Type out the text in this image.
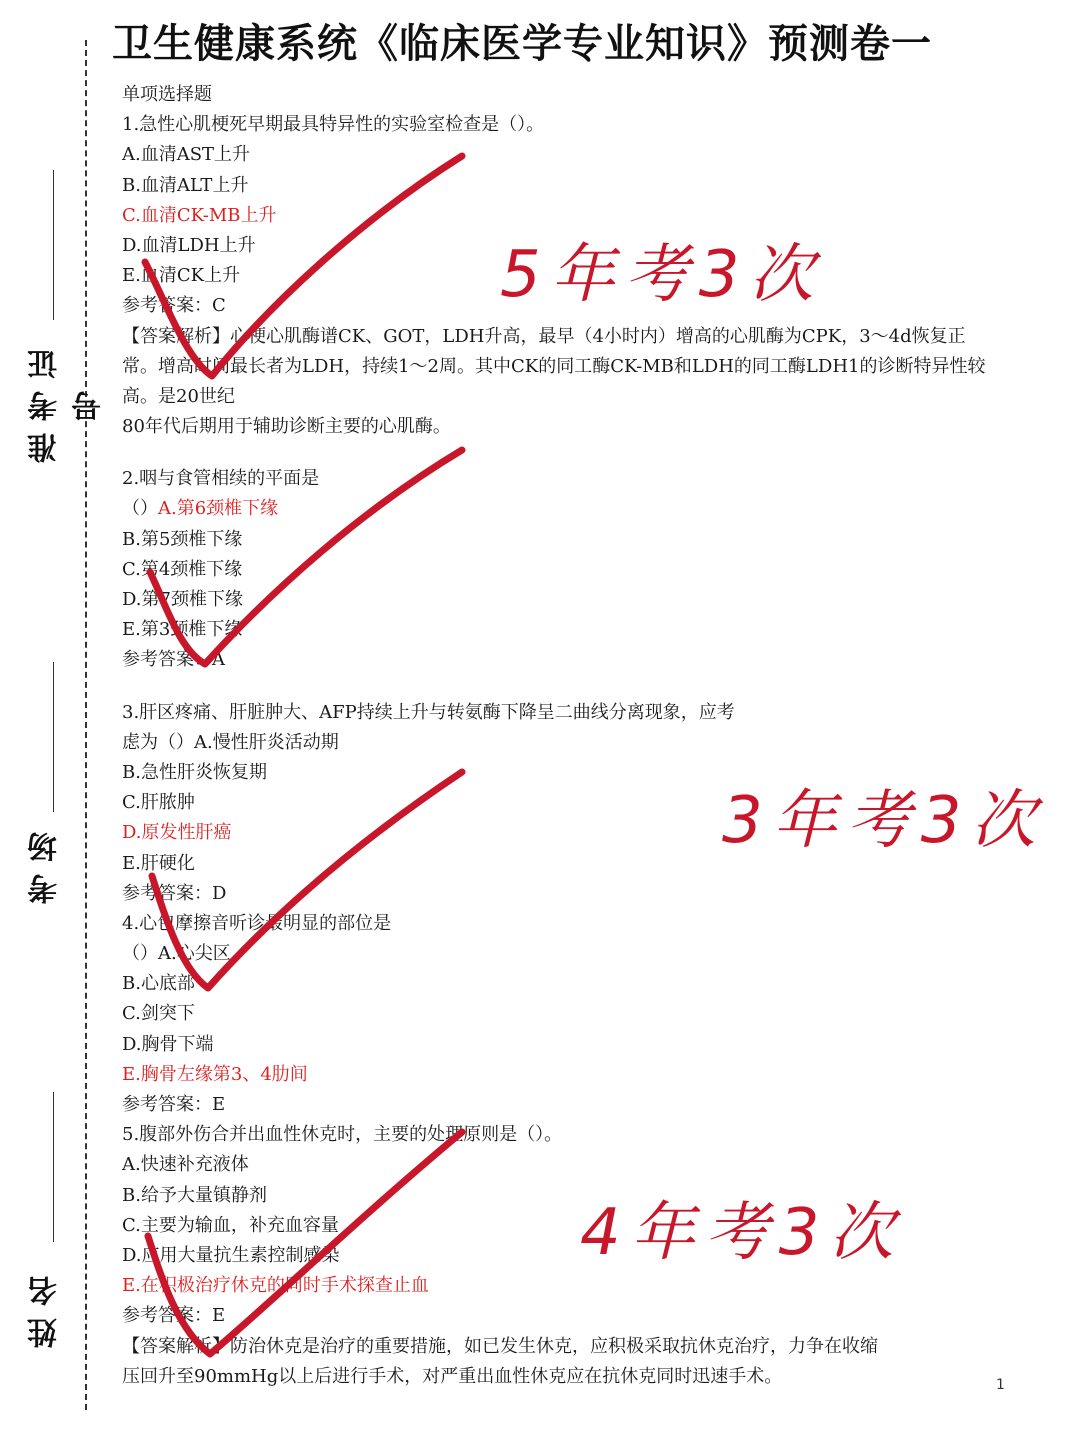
卫生健康系统《临床医学专业知识》预测卷一
准考证号
考场
姓名
单项选择题
1.急性心肌梗死早期最具特异性的实验室检查是（）。
A.血清AST上升
B.血清ALT上升
C.血清CK-MB上升
D.血清LDH上升
E.血清CK上升
参考答案：C
【答案解析】心梗心肌酶谱CK、GOT，LDH升高，最早（4小时内）增高的心肌酶为CPK，3～4d恢复正
常。增高时间最长者为LDH，持续1～2周。其中CK的同工酶CK-MB和LDH的同工酶LDH1的诊断特异性较
高。是20世纪
80年代后期用于辅助诊断主要的心肌酶。
2.咽与食管相续的平面是
（）A.第6颈椎下缘
B.第5颈椎下缘
C.第4颈椎下缘
D.第7颈椎下缘
E.第3颈椎下缘
参考答案：A
3.肝区疼痛、肝脏肿大、AFP持续上升与转氨酶下降呈二曲线分离现象，应考
虑为（）A.慢性肝炎活动期
B.急性肝炎恢复期
C.肝脓肿
D.原发性肝癌
E.肝硬化
参考答案：D
4.心包摩擦音听诊最明显的部位是
（）A.心尖区
B.心底部
C.剑突下
D.胸骨下端
E.胸骨左缘第3、4肋间
参考答案：E
5.腹部外伤合并出血性休克时，主要的处理原则是（）。
A.快速补充液体
B.给予大量镇静剂
C.主要为输血，补充血容量
D.应用大量抗生素控制感染
E.在积极治疗休克的同时手术探查止血
参考答案：E
【答案解析】防治休克是治疗的重要措施，如已发生休克，应积极采取抗休克治疗，力争在收缩
压回升至90mmHg以上后进行手术，对严重出血性休克应在抗休克同时迅速手术。	1
5年考3次
3年考3次
4年考3次
